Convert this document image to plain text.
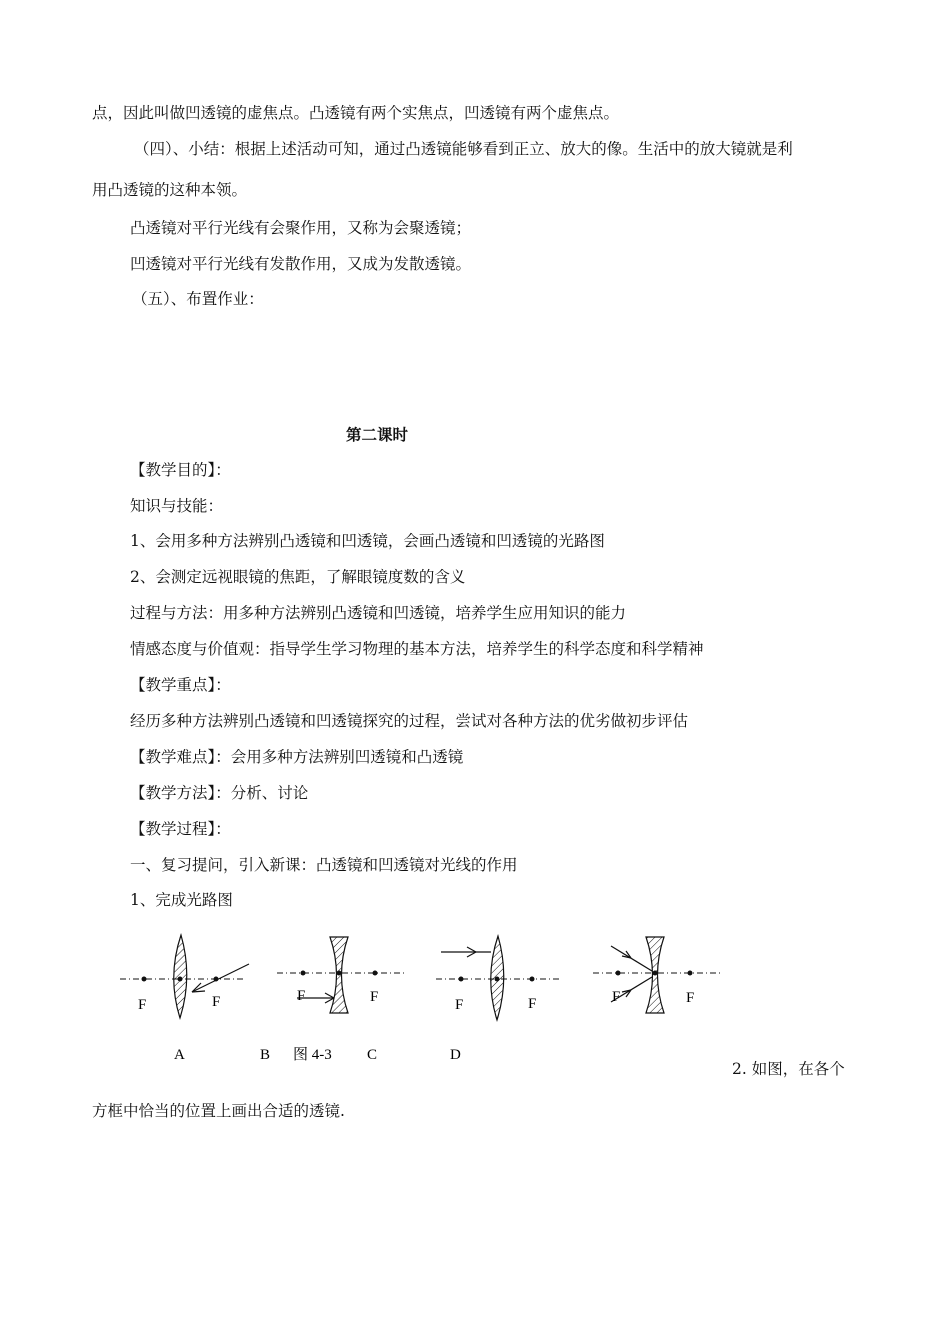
点，因此叫做凹透镜的虚焦点。凸透镜有两个实焦点，凹透镜有两个虚焦点。
（四）、小结：根据上述活动可知，通过凸透镜能够看到正立、放大的像。生活中的放大镜就是利
用凸透镜的这种本领。
凸透镜对平行光线有会聚作用，又称为会聚透镜；
凹透镜对平行光线有发散作用，又成为发散透镜。
（五）、布置作业：
第二课时
【教学目的】：
知识与技能：
1、会用多种方法辨别凸透镜和凹透镜，会画凸透镜和凹透镜的光路图
2、会测定远视眼镜的焦距，了解眼镜度数的含义
过程与方法：用多种方法辨别凸透镜和凹透镜，培养学生应用知识的能力
情感态度与价值观：指导学生学习物理的基本方法，培养学生的科学态度和科学精神
【教学重点】：
经历多种方法辨别凸透镜和凹透镜探究的过程，尝试对各种方法的优劣做初步评估
【教学难点】：会用多种方法辨别凹透镜和凸透镜
【教学方法】：分析、讨论
【教学过程】：
一、复习提问，引入新课：凸透镜和凹透镜对光线的作用
1、完成光路图
F	F	F	F	F	F	F	F
A	B 图 4-3 C	D
2. 如图，在各个
方框中恰当的位置上画出合适的透镜.
